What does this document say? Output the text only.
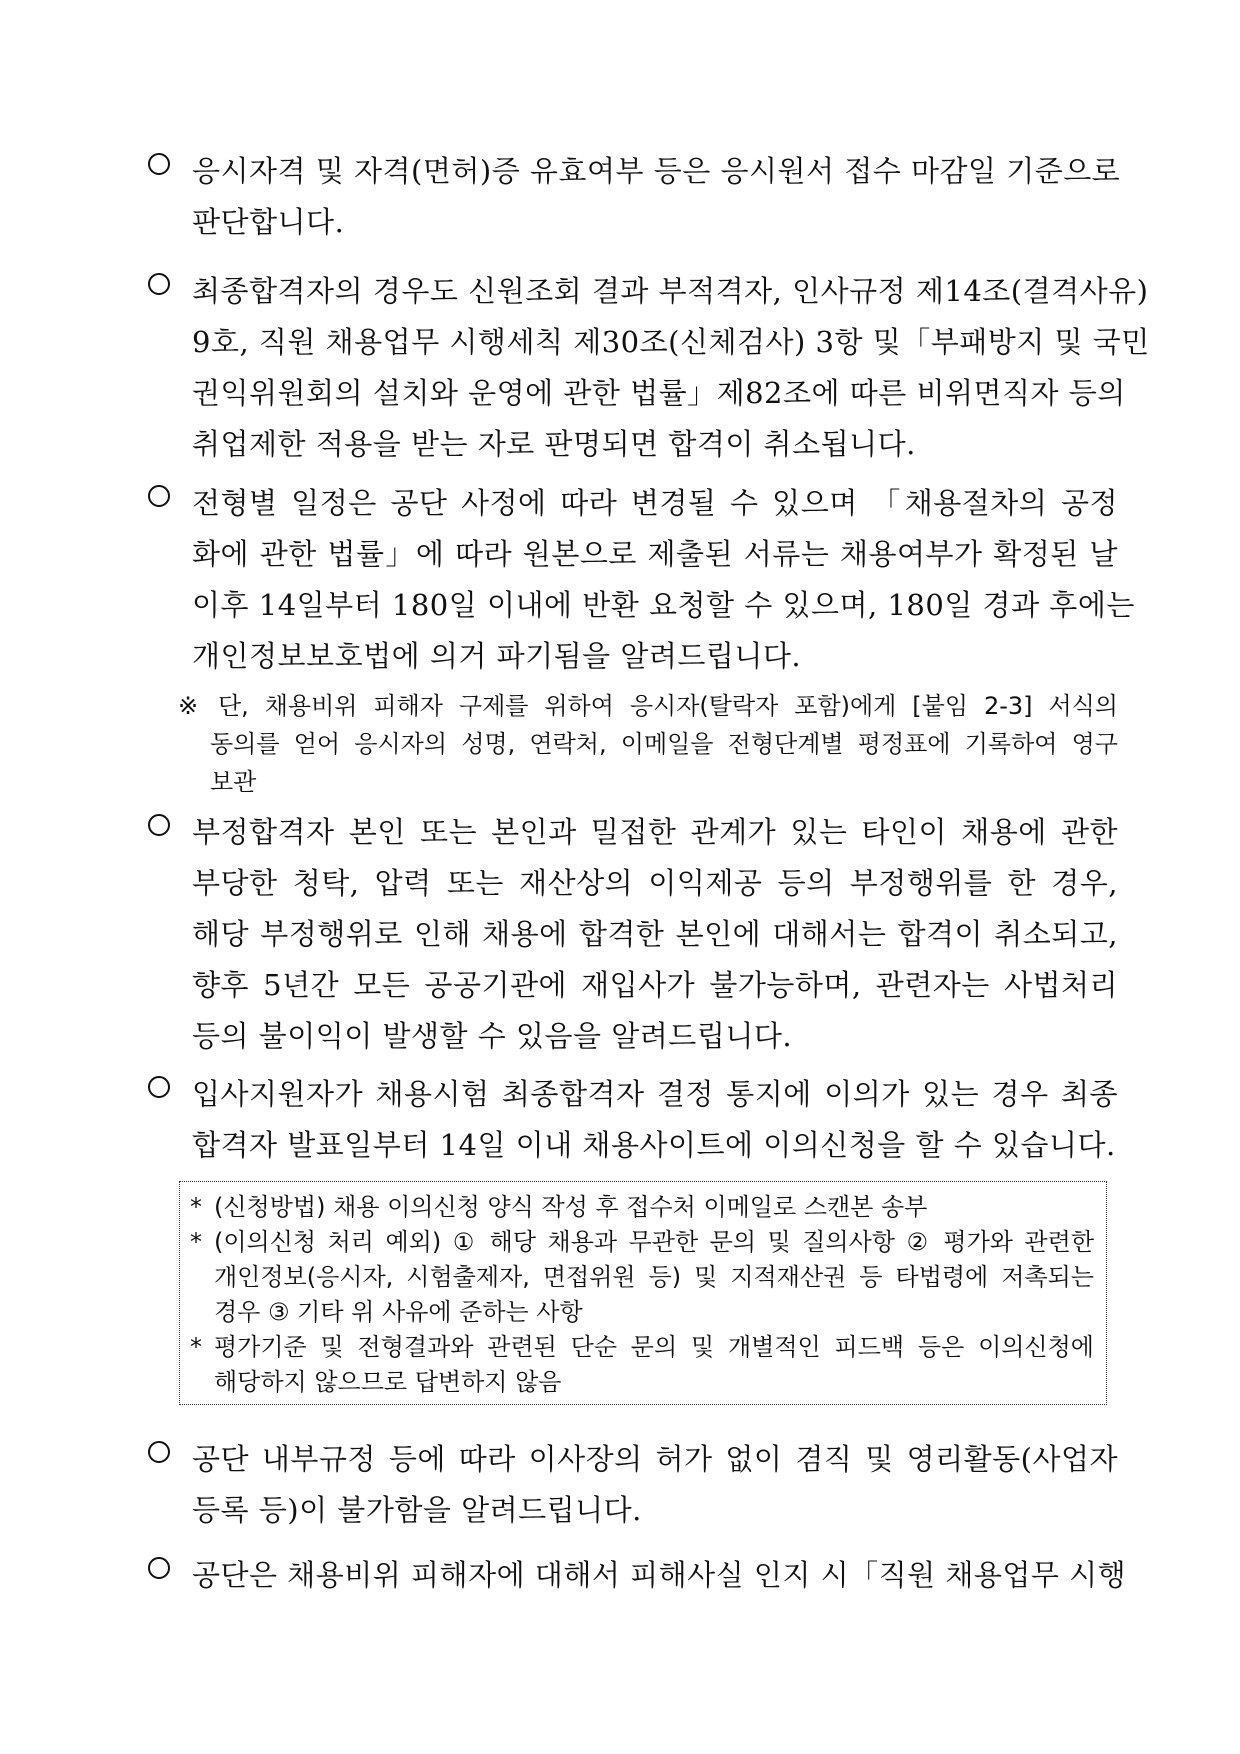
응시자격 및 자격(면허)증 유효여부 등은 응시원서 접수 마감일 기준으로
판단합니다.
최종합격자의 경우도 신원조회 결과 부적격자, 인사규정 제14조(결격사유)
9호, 직원 채용업무 시행세칙 제30조(신체검사) 3항 및「부패방지 및 국민
권익위원회의 설치와 운영에 관한 법률」제82조에 따른 비위면직자 등의
취업제한 적용을 받는 자로 판명되면 합격이 취소됩니다.
전형별 일정은 공단 사정에 따라 변경될 수 있으며 「채용절차의 공정
화에 관한 법률」에 따라 원본으로 제출된 서류는 채용여부가 확정된 날
이후 14일부터 180일 이내에 반환 요청할 수 있으며, 180일 경과 후에는
개인정보보호법에 의거 파기됨을 알려드립니다.
※ 단, 채용비위 피해자 구제를 위하여 응시자(탈락자 포함)에게 [붙임 2-3] 서식의
동의를 얻어 응시자의 성명, 연락처, 이메일을 전형단계별 평정표에 기록하여 영구
보관
부정합격자 본인 또는 본인과 밀접한 관계가 있는 타인이 채용에 관한
부당한 청탁, 압력 또는 재산상의 이익제공 등의 부정행위를 한 경우,
해당 부정행위로 인해 채용에 합격한 본인에 대해서는 합격이 취소되고,
향후 5년간 모든 공공기관에 재입사가 불가능하며, 관련자는 사법처리
등의 불이익이 발생할 수 있음을 알려드립니다.
입사지원자가 채용시험 최종합격자 결정 통지에 이의가 있는 경우 최종
합격자 발표일부터 14일 이내 채용사이트에 이의신청을 할 수 있습니다.
* (신청방법) 채용 이의신청 양식 작성 후 접수처 이메일로 스캔본 송부
* (이의신청 처리 예외) ① 해당 채용과 무관한 문의 및 질의사항 ② 평가와 관련한
개인정보(응시자, 시험출제자, 면접위원 등) 및 지적재산권 등 타법령에 저촉되는
경우 ③ 기타 위 사유에 준하는 사항
* 평가기준 및 전형결과와 관련된 단순 문의 및 개별적인 피드백 등은 이의신청에
해당하지 않으므로 답변하지 않음
공단 내부규정 등에 따라 이사장의 허가 없이 겸직 및 영리활동(사업자
등록 등)이 불가함을 알려드립니다.
공단은 채용비위 피해자에 대해서 피해사실 인지 시「직원 채용업무 시행
